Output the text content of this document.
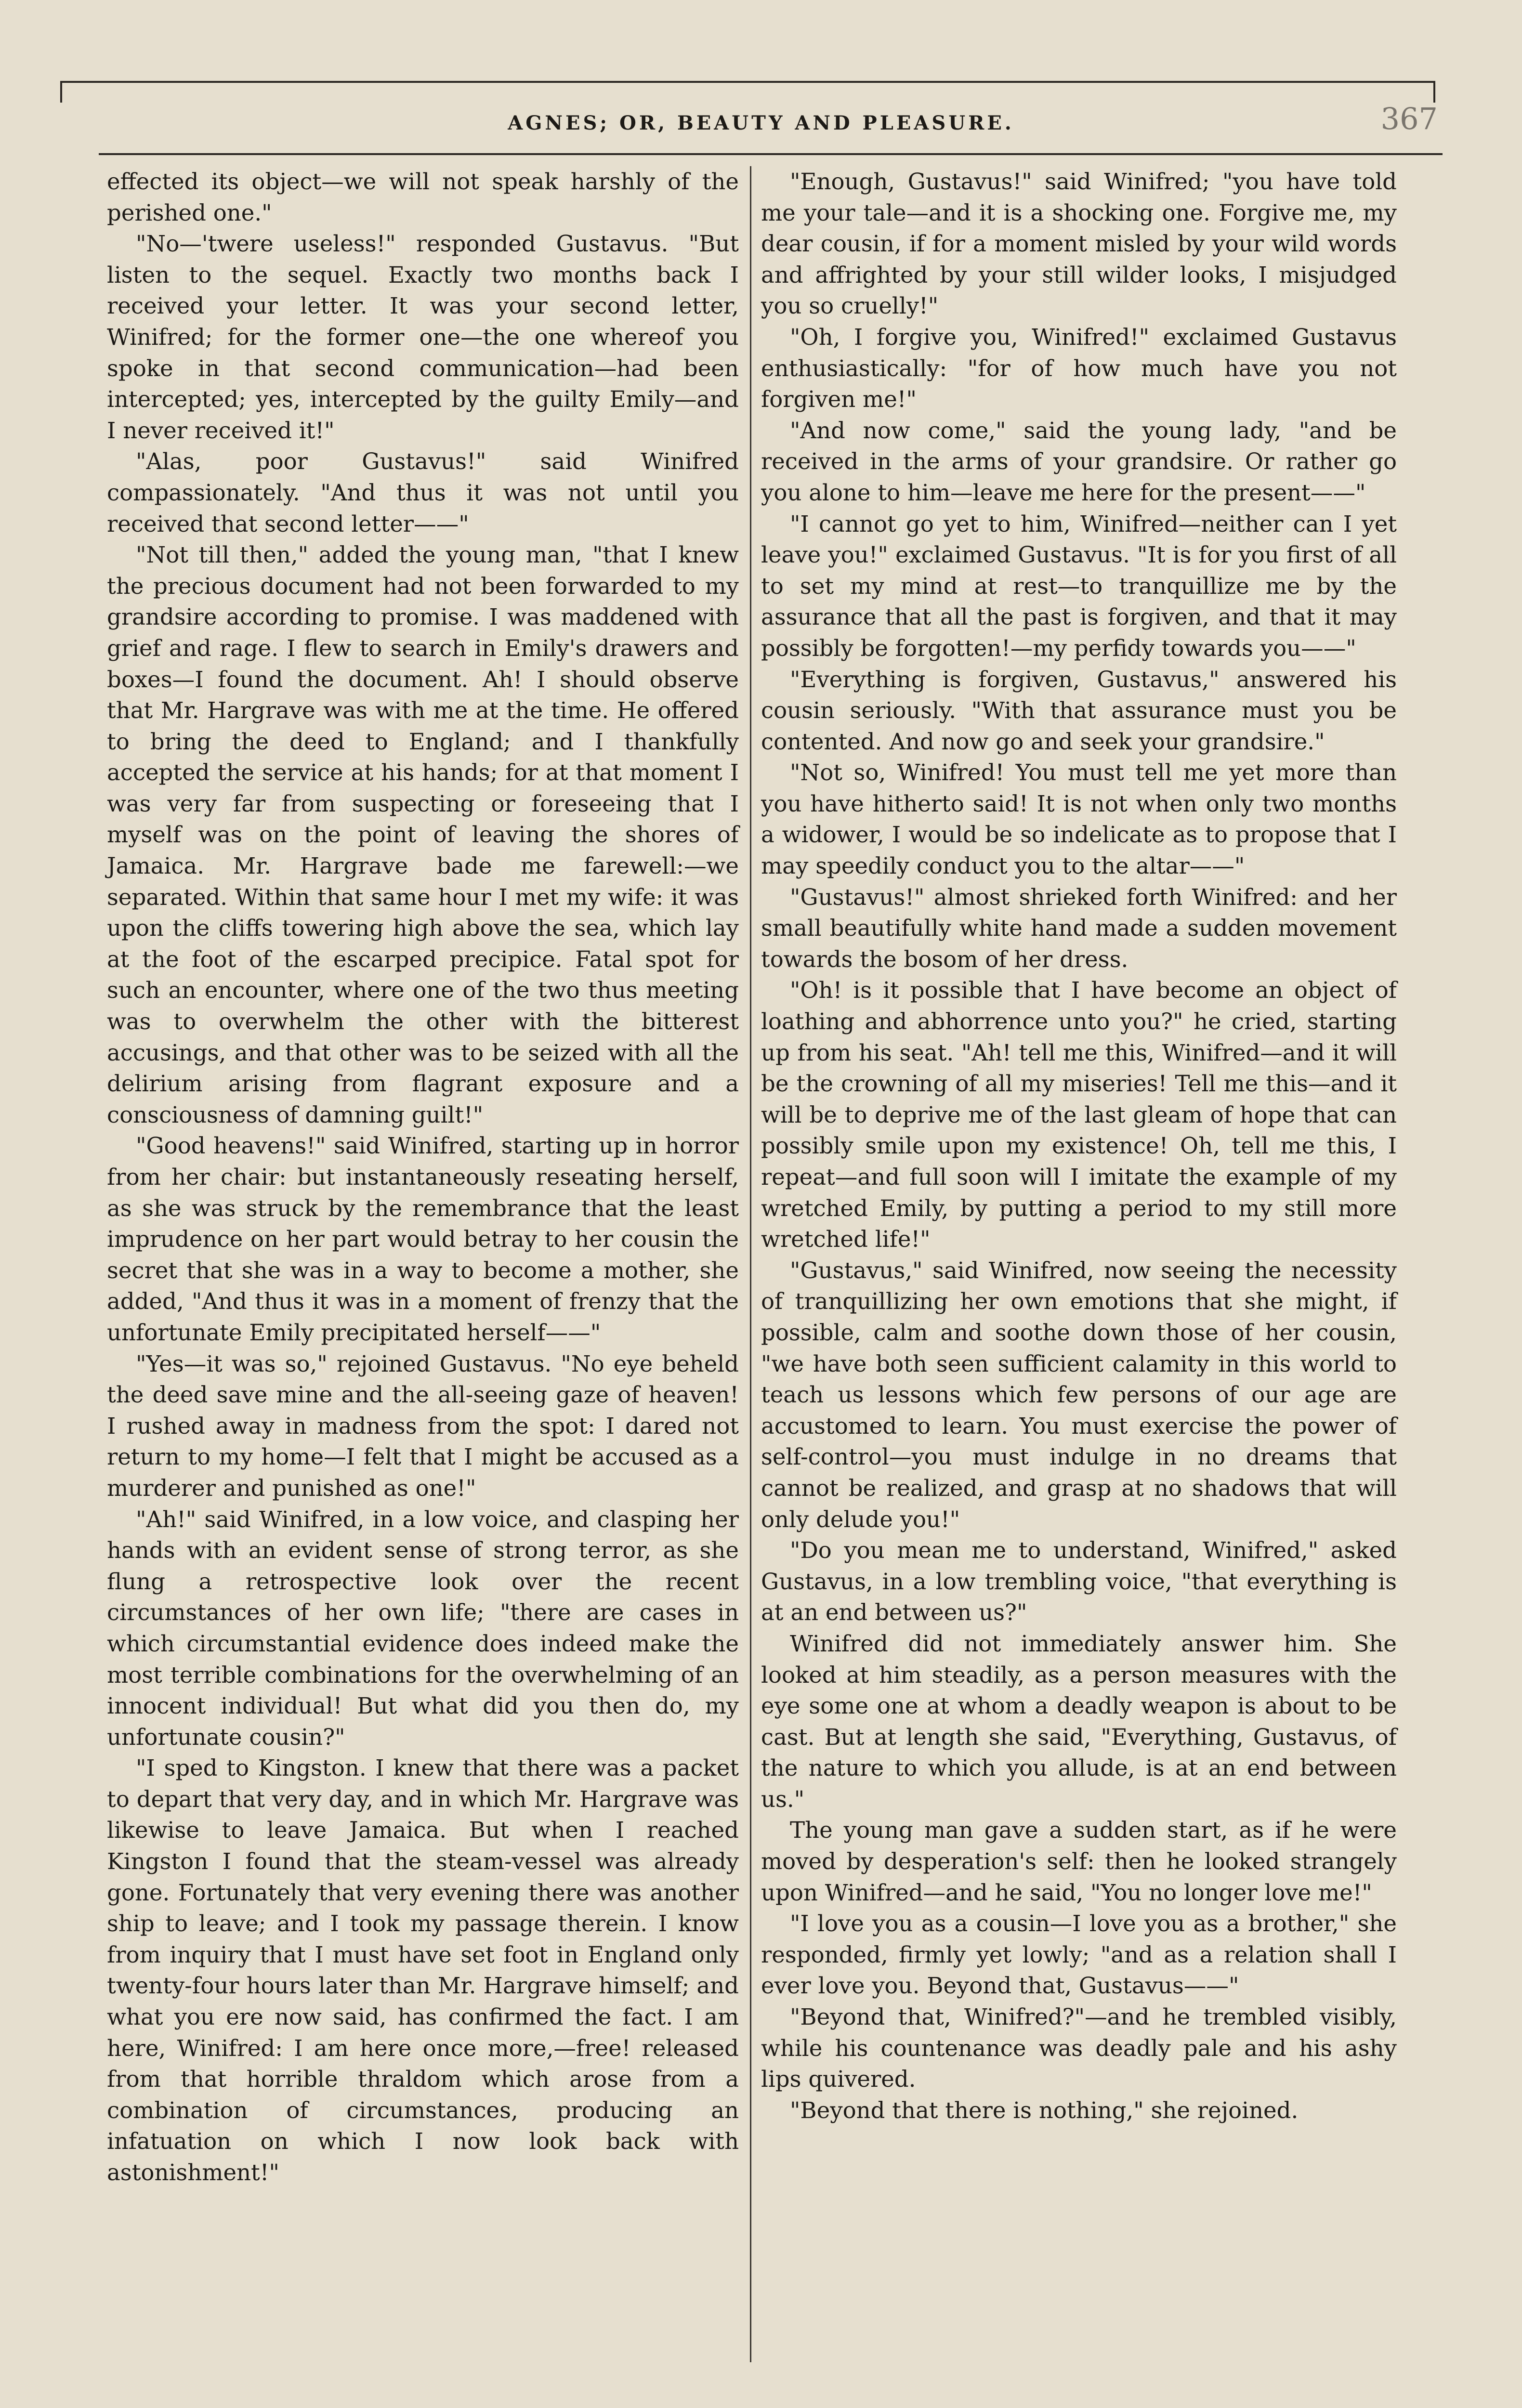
AGNES; OR, BEAUTY AND PLEASURE.	367

effected its object—we will not speak harshly of the perished one."

"No—'twere useless!" responded Gustavus. "But listen to the sequel. Exactly two months back I received your letter. It was your second letter, Winifred; for the former one—the one whereof you spoke in that second communication—had been intercepted; yes, intercepted by the guilty Emily—and I never received it!"

"Alas, poor Gustavus!" said Winifred compassionately. "And thus it was not until you received that second letter——"

"Not till then," added the young man, "that I knew the precious document had not been forwarded to my grandsire according to promise. I was maddened with grief and rage. I flew to search in Emily's drawers and boxes—I found the document. Ah! I should observe that Mr. Hargrave was with me at the time. He offered to bring the deed to England; and I thankfully accepted the service at his hands; for at that moment I was very far from suspecting or foreseeing that I myself was on the point of leaving the shores of Jamaica. Mr. Hargrave bade me farewell:—we separated. Within that same hour I met my wife: it was upon the cliffs towering high above the sea, which lay at the foot of the escarped precipice. Fatal spot for such an encounter, where one of the two thus meeting was to overwhelm the other with the bitterest accusings, and that other was to be seized with all the delirium arising from flagrant exposure and a consciousness of damning guilt!"

"Good heavens!" said Winifred, starting up in horror from her chair: but instantaneously reseating herself, as she was struck by the remembrance that the least imprudence on her part would betray to her cousin the secret that she was in a way to become a mother, she added, "And thus it was in a moment of frenzy that the unfortunate Emily precipitated herself——"

"Yes—it was so," rejoined Gustavus. "No eye beheld the deed save mine and the all-seeing gaze of heaven! I rushed away in madness from the spot: I dared not return to my home—I felt that I might be accused as a murderer and punished as one!"

"Ah!" said Winifred, in a low voice, and clasping her hands with an evident sense of strong terror, as she flung a retrospective look over the recent circumstances of her own life; "there are cases in which circumstantial evidence does indeed make the most terrible combinations for the overwhelming of an innocent individual! But what did you then do, my unfortunate cousin?"

"I sped to Kingston. I knew that there was a packet to depart that very day, and in which Mr. Hargrave was likewise to leave Jamaica. But when I reached Kingston I found that the steam-vessel was already gone. Fortunately that very evening there was another ship to leave; and I took my passage therein. I know from inquiry that I must have set foot in England only twenty-four hours later than Mr. Hargrave himself; and what you ere now said, has confirmed the fact. I am here, Winifred: I am here once more,—free! released from that horrible thraldom which arose from a combination of circumstances, producing an infatuation on which I now look back with astonishment!"

"Enough, Gustavus!" said Winifred; "you have told me your tale—and it is a shocking one. Forgive me, my dear cousin, if for a moment misled by your wild words and affrighted by your still wilder looks, I misjudged you so cruelly!"

"Oh, I forgive you, Winifred!" exclaimed Gustavus enthusiastically: "for of how much have you not forgiven me!"

"And now come," said the young lady, "and be received in the arms of your grandsire. Or rather go you alone to him—leave me here for the present——"

"I cannot go yet to him, Winifred—neither can I yet leave you!" exclaimed Gustavus. "It is for you first of all to set my mind at rest—to tranquillize me by the assurance that all the past is forgiven, and that it may possibly be forgotten!—my perfidy towards you——"

"Everything is forgiven, Gustavus," answered his cousin seriously. "With that assurance must you be contented. And now go and seek your grandsire."

"Not so, Winifred! You must tell me yet more than you have hitherto said! It is not when only two months a widower, I would be so indelicate as to propose that I may speedily conduct you to the altar——"

"Gustavus!" almost shrieked forth Winifred: and her small beautifully white hand made a sudden movement towards the bosom of her dress.

"Oh! is it possible that I have become an object of loathing and abhorrence unto you?" he cried, starting up from his seat. "Ah! tell me this, Winifred—and it will be the crowning of all my miseries! Tell me this—and it will be to deprive me of the last gleam of hope that can possibly smile upon my existence! Oh, tell me this, I repeat—and full soon will I imitate the example of my wretched Emily, by putting a period to my still more wretched life!"

"Gustavus," said Winifred, now seeing the necessity of tranquillizing her own emotions that she might, if possible, calm and soothe down those of her cousin, "we have both seen sufficient calamity in this world to teach us lessons which few persons of our age are accustomed to learn. You must exercise the power of self-control—you must indulge in no dreams that cannot be realized, and grasp at no shadows that will only delude you!"

"Do you mean me to understand, Winifred," asked Gustavus, in a low trembling voice, "that everything is at an end between us?"

Winifred did not immediately answer him. She looked at him steadily, as a person measures with the eye some one at whom a deadly weapon is about to be cast. But at length she said, "Everything, Gustavus, of the nature to which you allude, is at an end between us."

The young man gave a sudden start, as if he were moved by desperation's self: then he looked strangely upon Winifred—and he said, "You no longer love me!"

"I love you as a cousin—I love you as a brother," she responded, firmly yet lowly; "and as a relation shall I ever love you. Beyond that, Gustavus——"

"Beyond that, Winifred?"—and he trembled visibly, while his countenance was deadly pale and his ashy lips quivered.

"Beyond that there is nothing," she rejoined.
